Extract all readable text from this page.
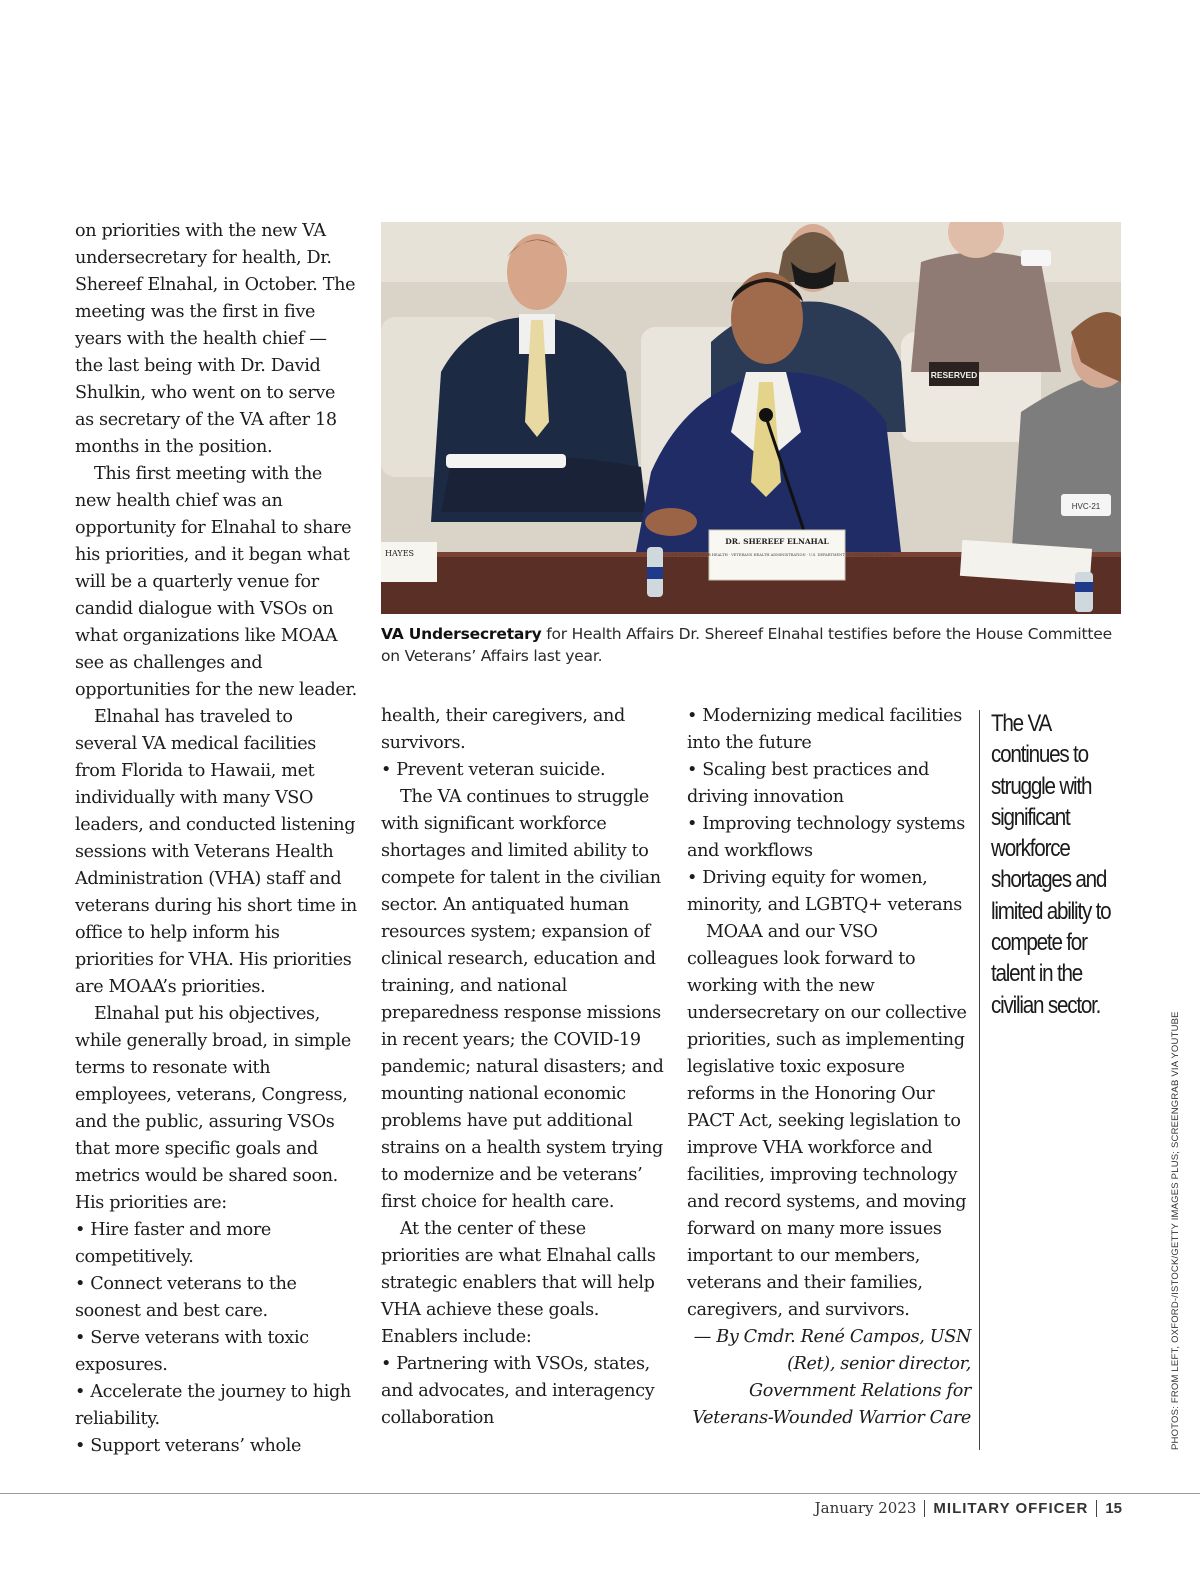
on priorities with the new VA undersecretary for health, Dr. Shereef Elnahal, in October. The meeting was the first in five years with the health chief — the last being with Dr. David Shulkin, who went on to serve as secretary of the VA after 18 months in the position.

This first meeting with the new health chief was an opportunity for Elnahal to share his priorities, and it began what will be a quarterly venue for candid dialogue with VSOs on what organizations like MOAA see as challenges and opportunities for the new leader.

Elnahal has traveled to several VA medical facilities from Florida to Hawaii, met individually with many VSO leaders, and conducted listening sessions with Veterans Health Administration (VHA) staff and veterans during his short time in office to help inform his priorities for VHA. His priorities are MOAA’s priorities.

Elnahal put his objectives, while generally broad, in simple terms to resonate with employees, veterans, Congress, and the public, assuring VSOs that more specific goals and metrics would be shared soon. His priorities are:

• Hire faster and more competitively.

• Connect veterans to the soonest and best care.

• Serve veterans with toxic exposures.

• Accelerate the journey to high reliability.

• Support veterans’ whole

RESERVED
HVC-21
DR. SHEREEF ELNAHAL
UNDER SECRETARY FOR HEALTH · VETERANS HEALTH ADMINISTRATION · U.S. DEPARTMENT OF VETERANS AFFAIRS
HAYES
VA Undersecretary for Health Affairs Dr. Shereef Elnahal testifies before the House Committee on Veterans’ Affairs last year.

health, their caregivers, and survivors.

• Prevent veteran suicide.

The VA continues to struggle with significant workforce shortages and limited ability to compete for talent in the civilian sector. An antiquated human resources system; expansion of clinical research, education and training, and national preparedness response missions in recent years; the COVID-19 pandemic; natural disasters; and mounting national economic problems have put additional strains on a health system trying to modernize and be veterans’ first choice for health care.

At the center of these priorities are what Elnahal calls strategic enablers that will help VHA achieve these goals. Enablers include:

• Partnering with VSOs, states, and advocates, and interagency collaboration

• Modernizing medical facilities into the future

• Scaling best practices and driving innovation

• Improving technology systems and workflows

• Driving equity for women, minority, and LGBTQ+ veterans

MOAA and our VSO colleagues look forward to working with the new undersecretary on our collective priorities, such as implementing legislative toxic exposure reforms in the Honoring Our PACT Act, seeking legislation to improve VHA workforce and facilities, improving technology and record systems, and moving forward on many more issues important to our members, veterans and their families, caregivers, and survivors.

— By Cmdr. René Campos, USN (Ret), senior director, Government Relations for Veterans-Wounded Warrior Care

The VA continues to struggle with significant workforce shortages and limited ability to compete for talent in the civilian sector.
PHOTOS: FROM LEFT, OXFORD-/ISTOCK/GETTY IMAGES PLUS; SCREENGRAB VIA YOUTUBE
January 2023 MILITARY OFFICER 15
